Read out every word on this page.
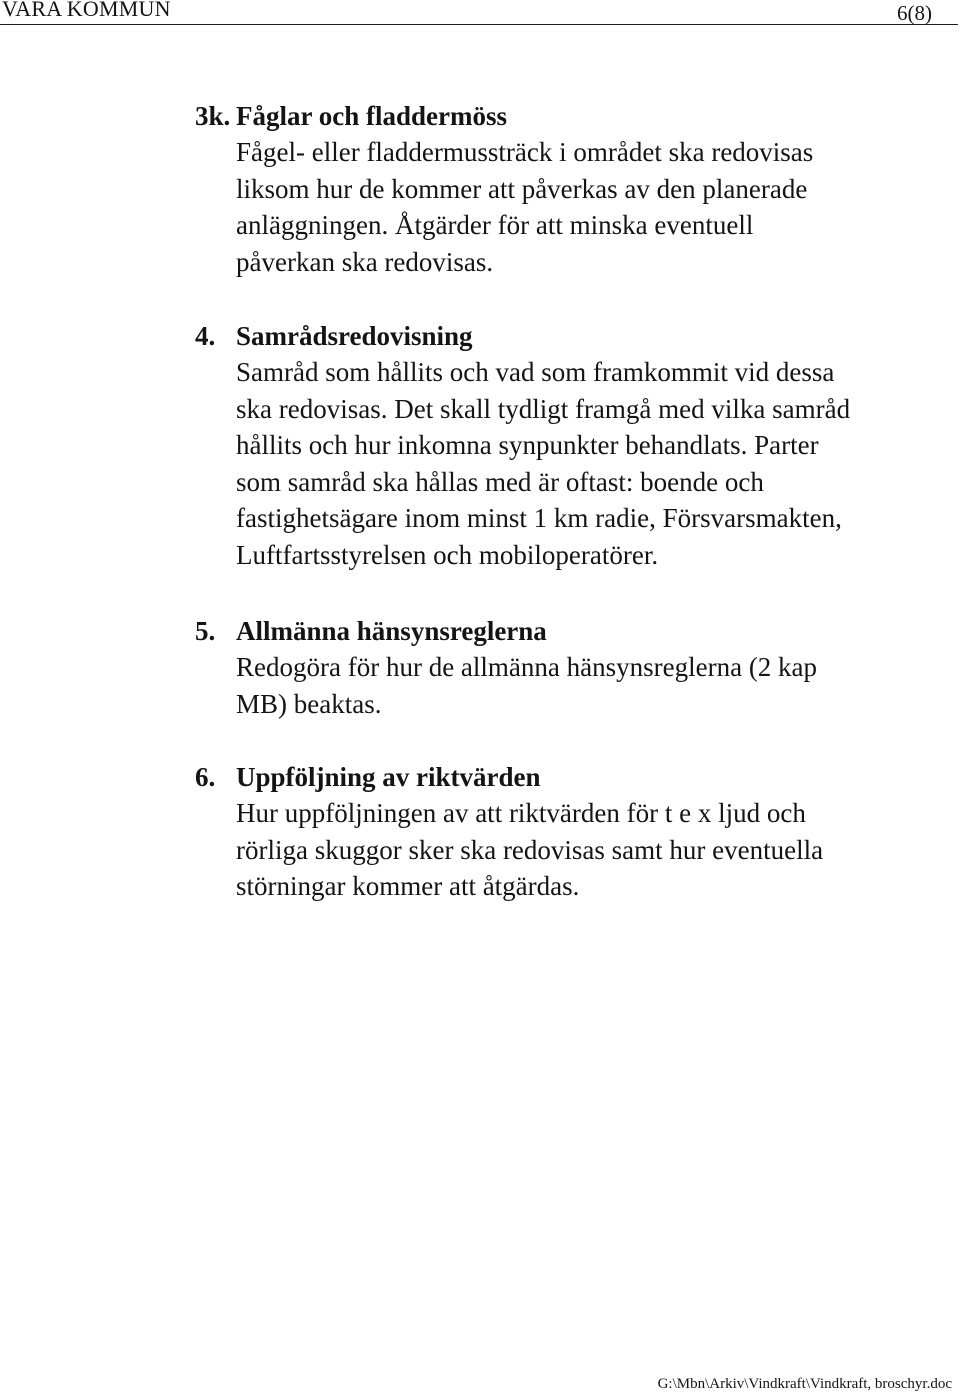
VARA KOMMUN	6(8)

3k. Fåglar och fladdermöss

Fågel- eller fladdermussträck i området ska redovisas
liksom hur de kommer att påverkas av den planerade
anläggningen. Åtgärder för att minska eventuell
påverkan ska redovisas.

4. Samrådsredovisning

Samråd som hållits och vad som framkommit vid dessa
ska redovisas. Det skall tydligt framgå med vilka samråd
hållits och hur inkomna synpunkter behandlats. Parter
som samråd ska hållas med är oftast: boende och
fastighetsägare inom minst 1 km radie, Försvarsmakten,
Luftfartsstyrelsen och mobiloperatörer.

5. Allmänna hänsynsreglerna

Redogöra för hur de allmänna hänsynsreglerna (2 kap
MB) beaktas.

6. Uppföljning av riktvärden

Hur uppföljningen av att riktvärden för t e x ljud och
rörliga skuggor sker ska redovisas samt hur eventuella
störningar kommer att åtgärdas.

G:\Mbn\Arkiv\Vindkraft\Vindkraft, broschyr.doc
